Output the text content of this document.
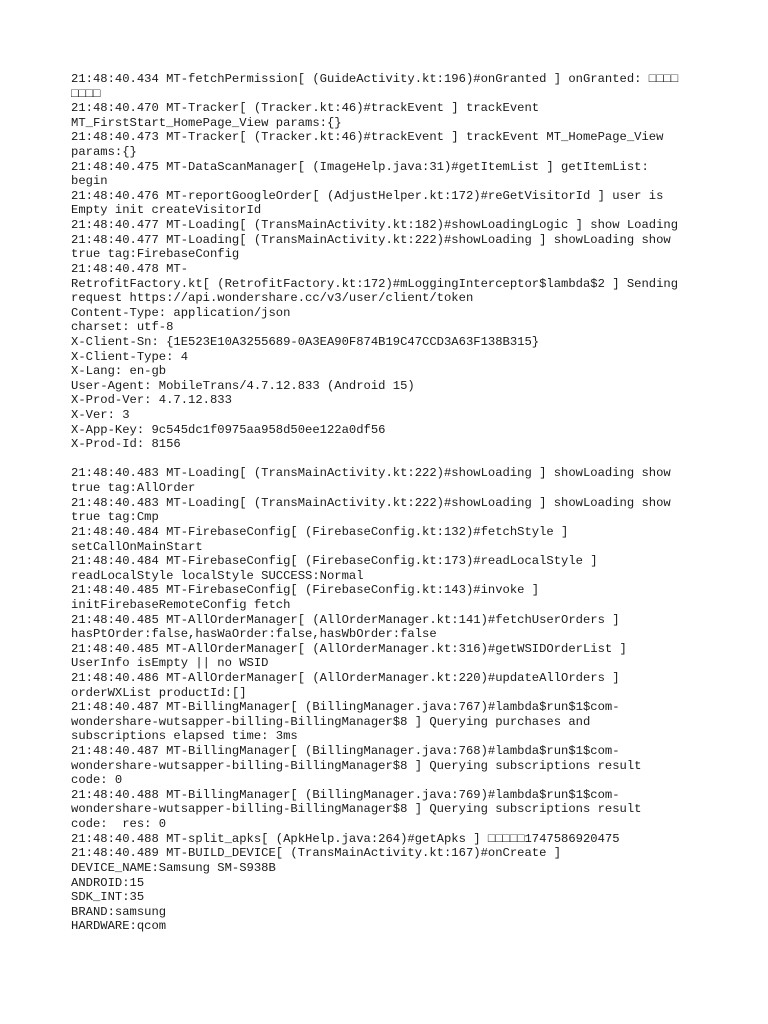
21:48:40.434 MT-fetchPermission[ (GuideActivity.kt:196)#onGranted ] onGranted: □□□□
□□□□
21:48:40.470 MT-Tracker[ (Tracker.kt:46)#trackEvent ] trackEvent
MT_FirstStart_HomePage_View params:{}
21:48:40.473 MT-Tracker[ (Tracker.kt:46)#trackEvent ] trackEvent MT_HomePage_View
params:{}
21:48:40.475 MT-DataScanManager[ (ImageHelp.java:31)#getItemList ] getItemList:
begin
21:48:40.476 MT-reportGoogleOrder[ (AdjustHelper.kt:172)#reGetVisitorId ] user is
Empty init createVisitorId
21:48:40.477 MT-Loading[ (TransMainActivity.kt:182)#showLoadingLogic ] show Loading
21:48:40.477 MT-Loading[ (TransMainActivity.kt:222)#showLoading ] showLoading show
true tag:FirebaseConfig
21:48:40.478 MT-
RetrofitFactory.kt[ (RetrofitFactory.kt:172)#mLoggingInterceptor$lambda$2 ] Sending
request https://api.wondershare.cc/v3/user/client/token
Content-Type: application/json
charset: utf-8
X-Client-Sn: {1E523E10A3255689-0A3EA90F874B19C47CCD3A63F138B315}
X-Client-Type: 4
X-Lang: en-gb
User-Agent: MobileTrans/4.7.12.833 (Android 15)
X-Prod-Ver: 4.7.12.833
X-Ver: 3
X-App-Key: 9c545dc1f0975aa958d50ee122a0df56
X-Prod-Id: 8156
21:48:40.483 MT-Loading[ (TransMainActivity.kt:222)#showLoading ] showLoading show
true tag:AllOrder
21:48:40.483 MT-Loading[ (TransMainActivity.kt:222)#showLoading ] showLoading show
true tag:Cmp
21:48:40.484 MT-FirebaseConfig[ (FirebaseConfig.kt:132)#fetchStyle ]
setCallOnMainStart
21:48:40.484 MT-FirebaseConfig[ (FirebaseConfig.kt:173)#readLocalStyle ]
readLocalStyle localStyle SUCCESS:Normal
21:48:40.485 MT-FirebaseConfig[ (FirebaseConfig.kt:143)#invoke ]
initFirebaseRemoteConfig fetch
21:48:40.485 MT-AllOrderManager[ (AllOrderManager.kt:141)#fetchUserOrders ]
hasPtOrder:false,hasWaOrder:false,hasWbOrder:false
21:48:40.485 MT-AllOrderManager[ (AllOrderManager.kt:316)#getWSIDOrderList ]
UserInfo isEmpty || no WSID
21:48:40.486 MT-AllOrderManager[ (AllOrderManager.kt:220)#updateAllOrders ]
orderWXList productId:[]
21:48:40.487 MT-BillingManager[ (BillingManager.java:767)#lambda$run$1$com-
wondershare-wutsapper-billing-BillingManager$8 ] Querying purchases and
subscriptions elapsed time: 3ms
21:48:40.487 MT-BillingManager[ (BillingManager.java:768)#lambda$run$1$com-
wondershare-wutsapper-billing-BillingManager$8 ] Querying subscriptions result
code: 0
21:48:40.488 MT-BillingManager[ (BillingManager.java:769)#lambda$run$1$com-
wondershare-wutsapper-billing-BillingManager$8 ] Querying subscriptions result
code:  res: 0
21:48:40.488 MT-split_apks[ (ApkHelp.java:264)#getApks ] □□□□□1747586920475
21:48:40.489 MT-BUILD_DEVICE[ (TransMainActivity.kt:167)#onCreate ]
DEVICE_NAME:Samsung SM-S938B
ANDROID:15
SDK_INT:35
BRAND:samsung
HARDWARE:qcom
